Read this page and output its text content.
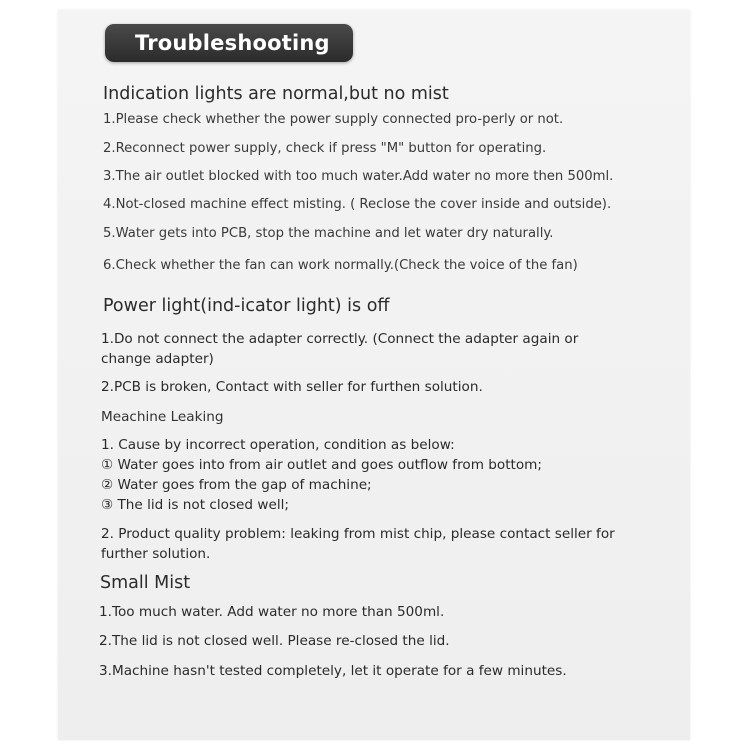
Troubleshooting
Indication lights are normal,but no mist
1.Please check whether the power supply connected pro-perly or not.
2.Reconnect power supply, check if press "M" button for operating.
3.The air outlet blocked with too much water.Add water no more then 500ml.
4.Not-closed machine effect misting. ( Reclose the cover inside and outside).
5.Water gets into PCB, stop the machine and let water dry naturally.
6.Check whether the fan can work normally.(Check the voice of the fan)
Power light(ind-icator light) is off
1.Do not connect the adapter correctly. (Connect the adapter again or
change adapter)
2.PCB is broken, Contact with seller for furthen solution.
Meachine Leaking
1. Cause by incorrect operation, condition as below:
① Water goes into from air outlet and goes outflow from bottom;
② Water goes from the gap of machine;
③ The lid is not closed well;
2. Product quality problem: leaking from mist chip, please contact seller for
further solution.
Small Mist
1.Too much water. Add water no more than 500ml.
2.The lid is not closed well. Please re-closed the lid.
3.Machine hasn't tested completely, let it operate for a few minutes.
